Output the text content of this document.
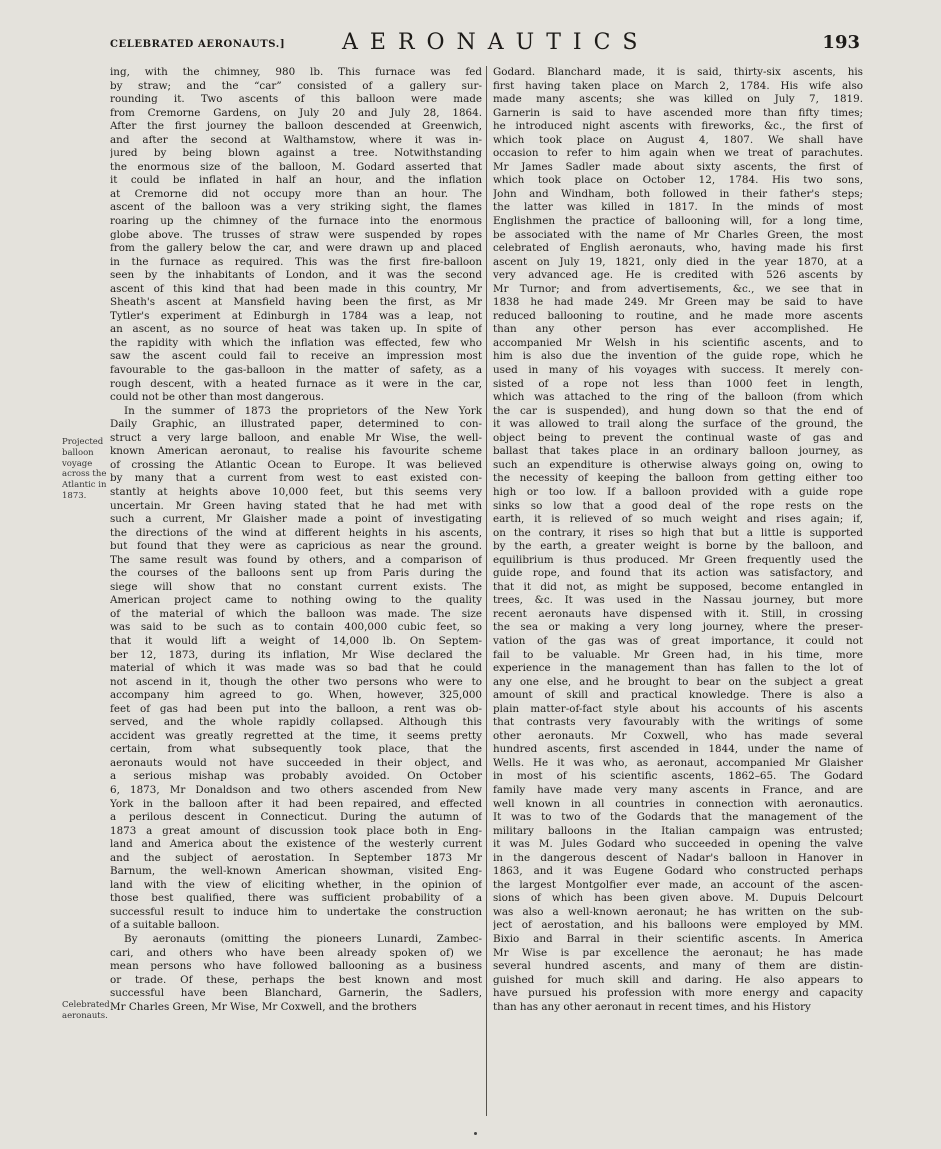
CELEBRATED AERONAUTS.]	AERONAUTICS	193
Projected
balloon
voyage
across the
Atlantic in
1873.
Celebrated
aeronauts.
ing, with the chimney, 980 lb. This furnace was fed
by straw; and the “car” consisted of a gallery sur-
rounding it. Two ascents of this balloon were made
from Cremorne Gardens, on July 20 and July 28, 1864.
After the first journey the balloon descended at Greenwich,
and after the second at Walthamstow, where it was in-
jured by being blown against a tree. Notwithstanding
the enormous size of the balloon, M. Godard asserted that
it could be inflated in half an hour, and the inflation
at Cremorne did not occupy more than an hour. The
ascent of the balloon was a very striking sight, the flames
roaring up the chimney of the furnace into the enormous
globe above. The trusses of straw were suspended by ropes
from the gallery below the car, and were drawn up and placed
in the furnace as required. This was the first fire-balloon
seen by the inhabitants of London, and it was the second
ascent of this kind that had been made in this country, Mr
Sheath's ascent at Mansfield having been the first, as Mr
Tytler's experiment at Edinburgh in 1784 was a leap, not
an ascent, as no source of heat was taken up. In spite of
the rapidity with which the inflation was effected, few who
saw the ascent could fail to receive an impression most
favourable to the gas-balloon in the matter of safety, as a
rough descent, with a heated furnace as it were in the car,
could not be other than most dangerous.
In the summer of 1873 the proprietors of the New York
Daily Graphic, an illustrated paper, determined to con-
struct a very large balloon, and enable Mr Wise, the well-
known American aeronaut, to realise his favourite scheme
of crossing the Atlantic Ocean to Europe. It was believed
by many that a current from west to east existed con-
stantly at heights above 10,000 feet, but this seems very
uncertain. Mr Green having stated that he had met with
such a current, Mr Glaisher made a point of investigating
the directions of the wind at different heights in his ascents,
but found that they were as capricious as near the ground.
The same result was found by others, and a comparison of
the courses of the balloons sent up from Paris during the
siege will show that no constant current exists. The
American project came to nothing owing to the quality
of the material of which the balloon was made. The size
was said to be such as to contain 400,000 cubic feet, so
that it would lift a weight of 14,000 lb. On Septem-
ber 12, 1873, during its inflation, Mr Wise declared the
material of which it was made was so bad that he could
not ascend in it, though the other two persons who were to
accompany him agreed to go. When, however, 325,000
feet of gas had been put into the balloon, a rent was ob-
served, and the whole rapidly collapsed. Although this
accident was greatly regretted at the time, it seems pretty
certain, from what subsequently took place, that the
aeronauts would not have succeeded in their object, and
a serious mishap was probably avoided. On October
6, 1873, Mr Donaldson and two others ascended from New
York in the balloon after it had been repaired, and effected
a perilous descent in Connecticut. During the autumn of
1873 a great amount of discussion took place both in Eng-
land and America about the existence of the westerly current
and the subject of aerostation. In September 1873 Mr
Barnum, the well-known American showman, visited Eng-
land with the view of eliciting whether, in the opinion of
those best qualified, there was sufficient probability of a
successful result to induce him to undertake the construction
of a suitable balloon.
By aeronauts (omitting the pioneers Lunardi, Zambec-
cari, and others who have been already spoken of) we
mean persons who have followed ballooning as a business
or trade. Of these, perhaps the best known and most
successful have been Blanchard, Garnerin, the Sadlers,
Mr Charles Green, Mr Wise, Mr Coxwell, and the brothers
Godard. Blanchard made, it is said, thirty-six ascents, his
first having taken place on March 2, 1784. His wife also
made many ascents; she was killed on July 7, 1819.
Garnerin is said to have ascended more than fifty times;
he introduced night ascents with fireworks, &c., the first of
which took place on August 4, 1807. We shall have
occasion to refer to him again when we treat of parachutes.
Mr James Sadler made about sixty ascents, the first of
which took place on October 12, 1784. His two sons,
John and Windham, both followed in their father's steps;
the latter was killed in 1817. In the minds of most
Englishmen the practice of ballooning will, for a long time,
be associated with the name of Mr Charles Green, the most
celebrated of English aeronauts, who, having made his first
ascent on July 19, 1821, only died in the year 1870, at a
very advanced age. He is credited with 526 ascents by
Mr Turnor; and from advertisements, &c., we see that in
1838 he had made 249. Mr Green may be said to have
reduced ballooning to routine, and he made more ascents
than any other person has ever accomplished. He
accompanied Mr Welsh in his scientific ascents, and to
him is also due the invention of the guide rope, which he
used in many of his voyages with success. It merely con-
sisted of a rope not less than 1000 feet in length,
which was attached to the ring of the balloon (from which
the car is suspended), and hung down so that the end of
it was allowed to trail along the surface of the ground, the
object being to prevent the continual waste of gas and
ballast that takes place in an ordinary balloon journey, as
such an expenditure is otherwise always going on, owing to
the necessity of keeping the balloon from getting either too
high or too low. If a balloon provided with a guide rope
sinks so low that a good deal of the rope rests on the
earth, it is relieved of so much weight and rises again; if,
on the contrary, it rises so high that but a little is supported
by the earth, a greater weight is borne by the balloon, and
equilibrium is thus produced. Mr Green frequently used the
guide rope, and found that its action was satisfactory, and
that it did not, as might be supposed, become entangled in
trees, &c. It was used in the Nassau journey, but more
recent aeronauts have dispensed with it. Still, in crossing
the sea or making a very long journey, where the preser-
vation of the gas was of great importance, it could not
fail to be valuable. Mr Green had, in his time, more
experience in the management than has fallen to the lot of
any one else, and he brought to bear on the subject a great
amount of skill and practical knowledge. There is also a
plain matter-of-fact style about his accounts of his ascents
that contrasts very favourably with the writings of some
other aeronauts. Mr Coxwell, who has made several
hundred ascents, first ascended in 1844, under the name of
Wells. He it was who, as aeronaut, accompanied Mr Glaisher
in most of his scientific ascents, 1862–65. The Godard
family have made very many ascents in France, and are
well known in all countries in connection with aeronautics.
It was to two of the Godards that the management of the
military balloons in the Italian campaign was entrusted;
it was M. Jules Godard who succeeded in opening the valve
in the dangerous descent of Nadar's balloon in Hanover in
1863, and it was Eugene Godard who constructed perhaps
the largest Montgolfier ever made, an account of the ascen-
sions of which has been given above. M. Dupuis Delcourt
was also a well-known aeronaut; he has written on the sub-
ject of aerostation, and his balloons were employed by MM.
Bixio and Barral in their scientific ascents. In America
Mr Wise is par excellence the aeronaut; he has made
several hundred ascents, and many of them are distin-
guished for much skill and daring. He also appears to
have pursued his profession with more energy and capacity
than has any other aeronaut in recent times, and his History
